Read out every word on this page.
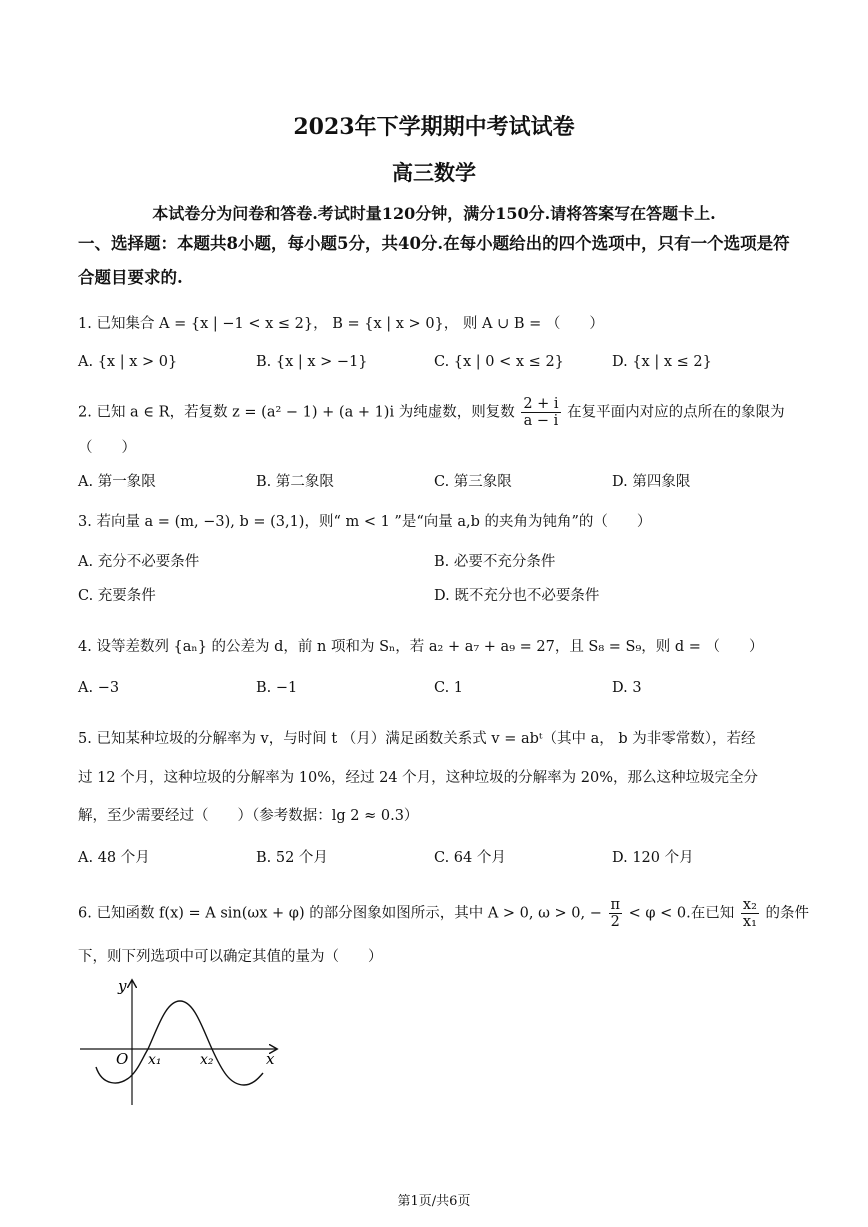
2023年下学期期中考试试卷
高三数学
本试卷分为问卷和答卷.考试时量120分钟，满分150分.请将答案写在答题卡上.
一、选择题：本题共8小题，每小题5分，共40分.在每小题给出的四个选项中，只有一个选项是符合题目要求的.
1. 已知集合 A = {x | −1 < x ≤ 2}， B = {x | x > 0}， 则 A ∪ B = （　　）
A. {x | x > 0}	B. {x | x > −1}	C. {x | 0 < x ≤ 2}	D. {x | x ≤ 2}
2. 已知 a ∈ R，若复数 z = (a² − 1) + (a + 1)i 为纯虚数，则复数 $\frac{2 + i}{a - i}$ 在复平面内对应的点所在的象限为
（　　）
A. 第一象限	B. 第二象限	C. 第三象限	D. 第四象限
3. 若向量 a = (m, −3), b = (3,1)，则“ m < 1 ”是“向量 a,b 的夹角为钝角”的（　　）
A. 充分不必要条件	B. 必要不充分条件
C. 充要条件	D. 既不充分也不必要条件
4. 设等差数列 {aₙ} 的公差为 d，前 n 项和为 Sₙ，若 a₂ + a₇ + a₉ = 27，且 S₈ = S₉，则 d = （　　）
A. −3	B. −1	C. 1	D. 3
5. 已知某种垃圾的分解率为 v，与时间 t （月）满足函数关系式 v = abᵗ（其中 a， b 为非零常数），若经
过 12 个月，这种垃圾的分解率为 10%，经过 24 个月，这种垃圾的分解率为 20%，那么这种垃圾完全分
解，至少需要经过（　　）（参考数据：lg 2 ≈ 0.3）
A. 48 个月	B. 52 个月	C. 64 个月	D. 120 个月
6. 已知函数 f(x) = A sin(ωx + φ) 的部分图象如图所示，其中 A > 0, ω > 0, − $\frac{\pi}{2} < \varphi < 0$.在已知 $\frac{\text{x₂}}{\text{x₁}}$ 的条件
下，则下列选项中可以确定其值的量为（　　）
y
x
O x₁	x₂
第1页/共6页
